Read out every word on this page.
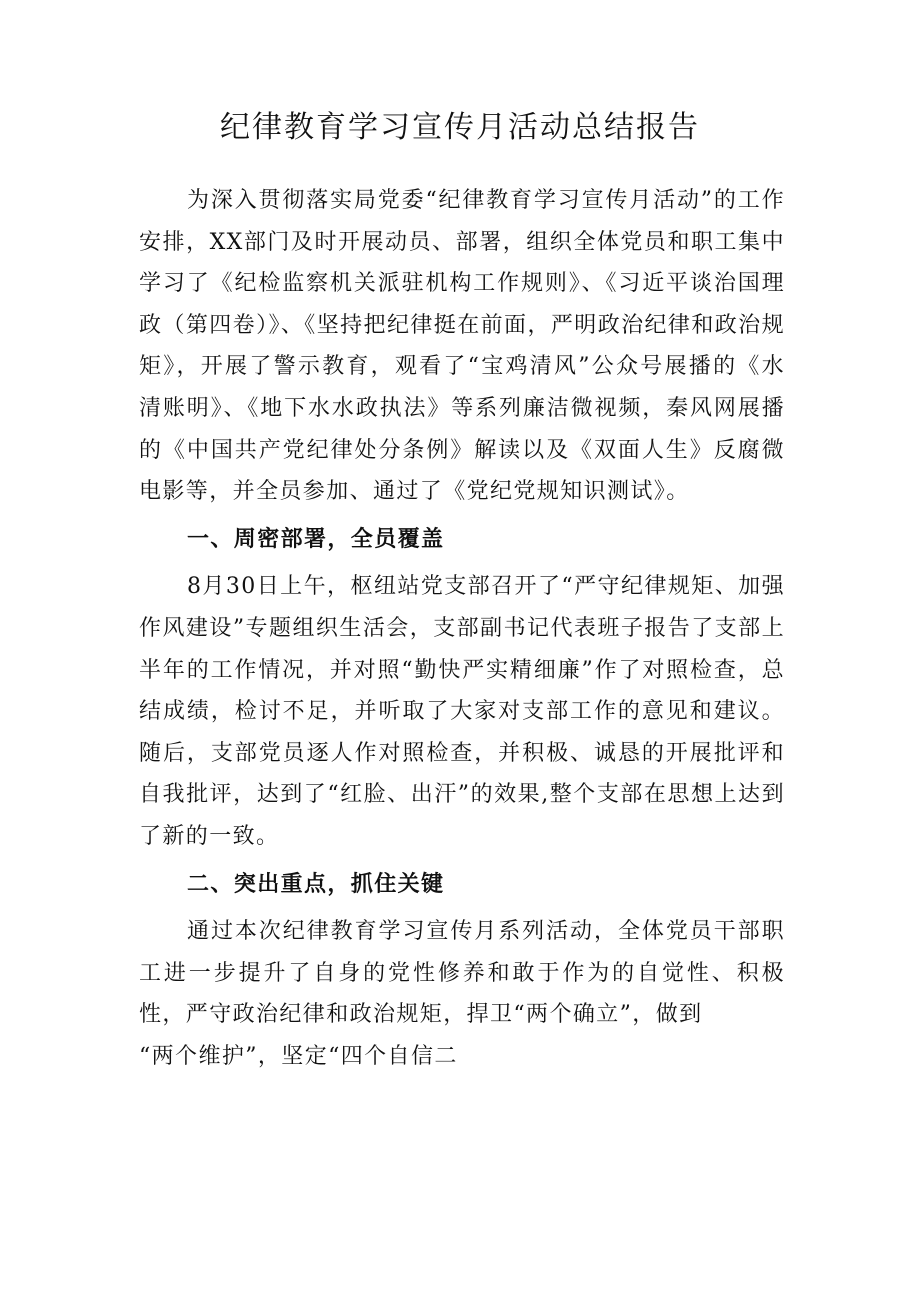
纪律教育学习宣传月活动总结报告

为深入贯彻落实局党委“纪律教育学习宣传月活动”的工作安排，XX部门及时开展动员、部署，组织全体党员和职工集中学习了《纪检监察机关派驻机构工作规则》、《习近平谈治国理政（第四卷）》、《坚持把纪律挺在前面，严明政治纪律和政治规矩》，开展了警示教育，观看了“宝鸡清风”公众号展播的《水清账明》、《地下水水政执法》等系列廉洁微视频，秦风网展播的《中国共产党纪律处分条例》解读以及《双面人生》反腐微电影等，并全员参加、通过了《党纪党规知识测试》。

一、周密部署，全员覆盖

8月30日上午，枢纽站党支部召开了“严守纪律规矩、加强作风建设”专题组织生活会，支部副书记代表班子报告了支部上半年的工作情况，并对照“勤快严实精细廉”作了对照检查，总结成绩，检讨不足，并听取了大家对支部工作的意见和建议。随后，支部党员逐人作对照检查，并积极、诚恳的开展批评和自我批评，达到了“红脸、出汗”的效果,整个支部在思想上达到了新的一致。

二、突出重点，抓住关键

通过本次纪律教育学习宣传月系列活动，全体党员干部职工进一步提升了自身的党性修养和敢于作为的自觉性、积极性，严守政治纪律和政治规矩，捍卫“两个确立”，做到

“两个维护”，坚定“四个自信二
